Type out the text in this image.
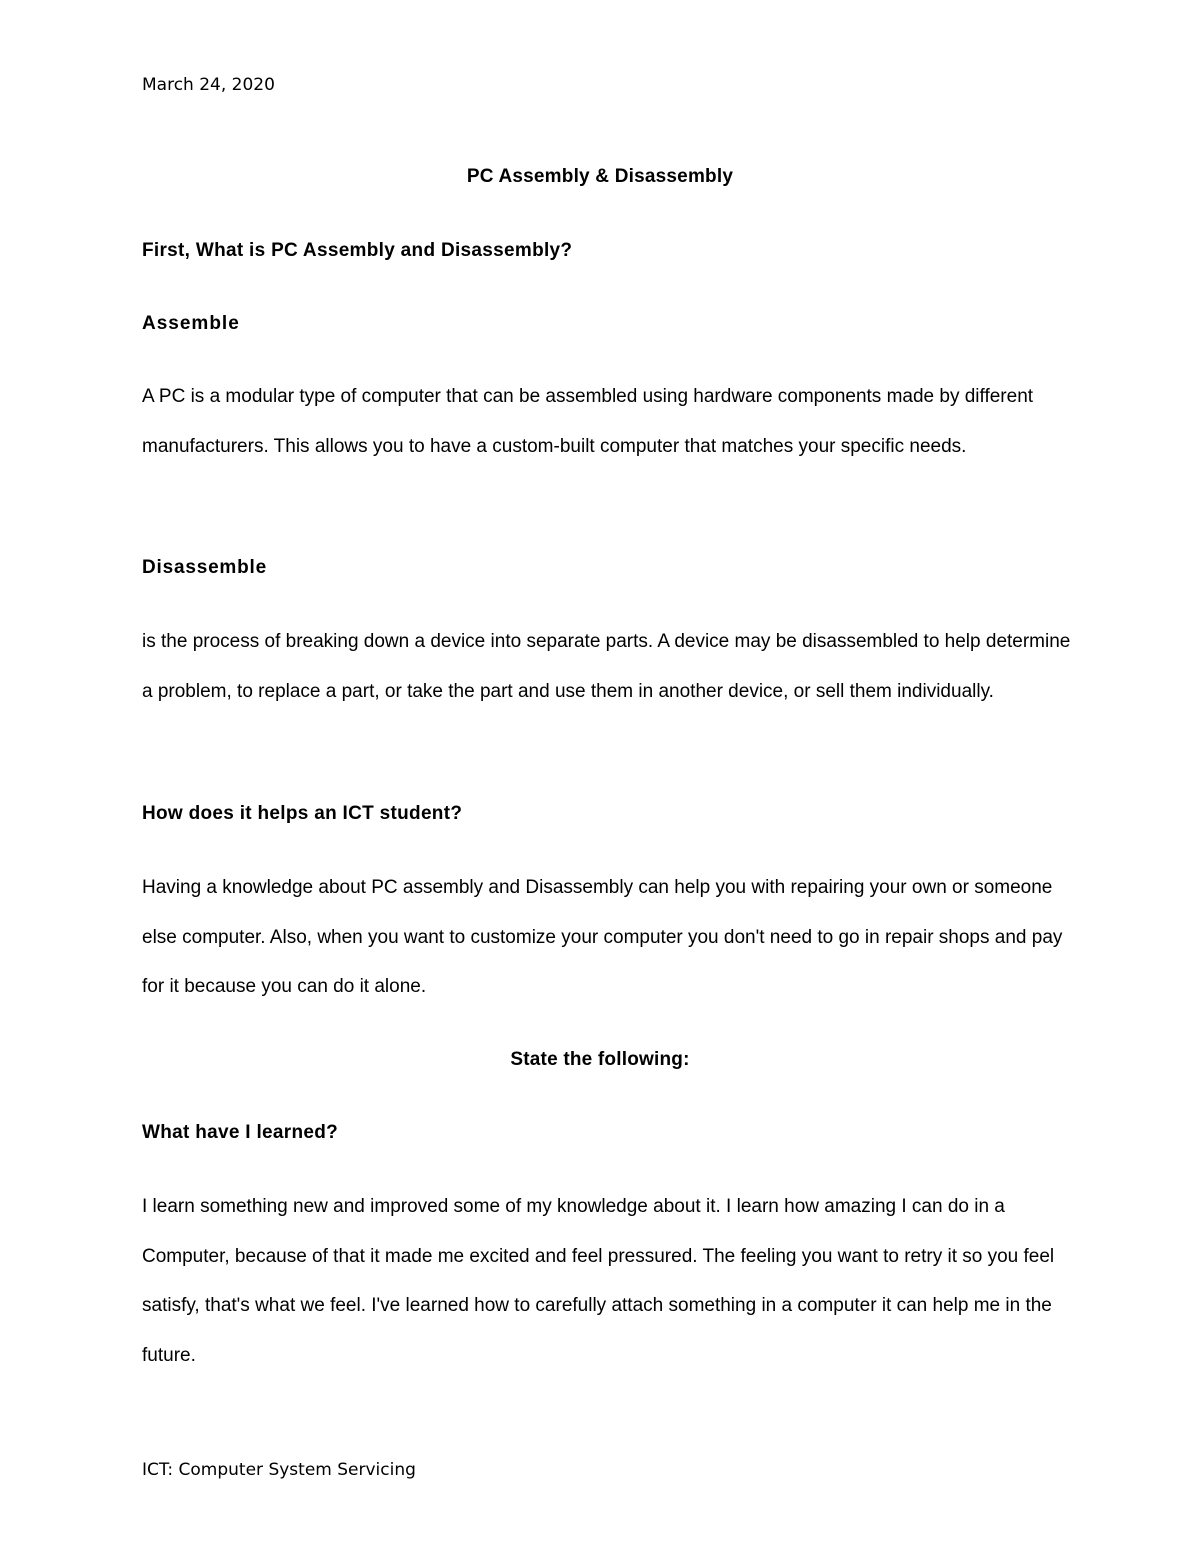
March 24, 2020
PC Assembly & Disassembly
First, What is PC Assembly and Disassembly?
Assemble

A PC is a modular type of computer that can be assembled using hardware components made by different manufacturers. This allows you to have a custom-built computer that matches your specific needs.

Disassemble

is the process of breaking down a device into separate parts. A device may be disassembled to help determine a problem, to replace a part, or take the part and use them in another device, or sell them individually.

How does it helps an ICT student?

Having a knowledge about PC assembly and Disassembly can help you with repairing your own or someone else computer. Also, when you want to customize your computer you don't need to go in repair shops and pay for it because you can do it alone.

State the following:
What have I learned?

I learn something new and improved some of my knowledge about it. I learn how amazing I can do in a Computer, because of that it made me excited and feel pressured. The feeling you want to retry it so you feel satisfy, that's what we feel. I've learned how to carefully attach something in a computer it can help me in the future.

ICT: Computer System Servicing
